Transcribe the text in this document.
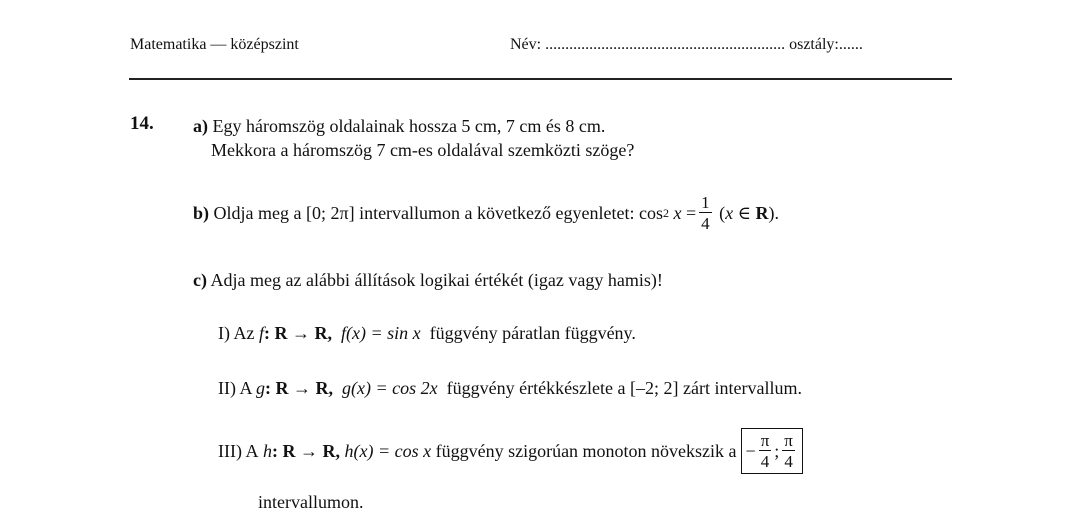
Matematika — középszint	Név: ............................................................ osztály:......
14. a) Egy háromszög oldalainak hossza 5 cm, 7 cm és 8 cm.
Mekkora a háromszög 7 cm-es oldalával szemközti szöge?
b)
Oldja meg a [0; 2π] intervallumon a következő egyenletet:
cos 2
x
= $\frac{1}{4}$
( x
∈
R ).
c) Adja meg az alábbi állítások logikai értékét (igaz vagy hamis)!
I) Az f: R → R, f(x) = sin x függvény páratlan függvény.
II) A g: R → R, g(x) = cos 2x függvény értékkészlete a [–2; 2] zárt intervallum.
III) A
h : R → R,
h(x) = cos x
függvény szigorúan monoton növekszik $a - \frac{\pi}{4}$ ; $\frac{\pi}{4}$
intervallumon.
